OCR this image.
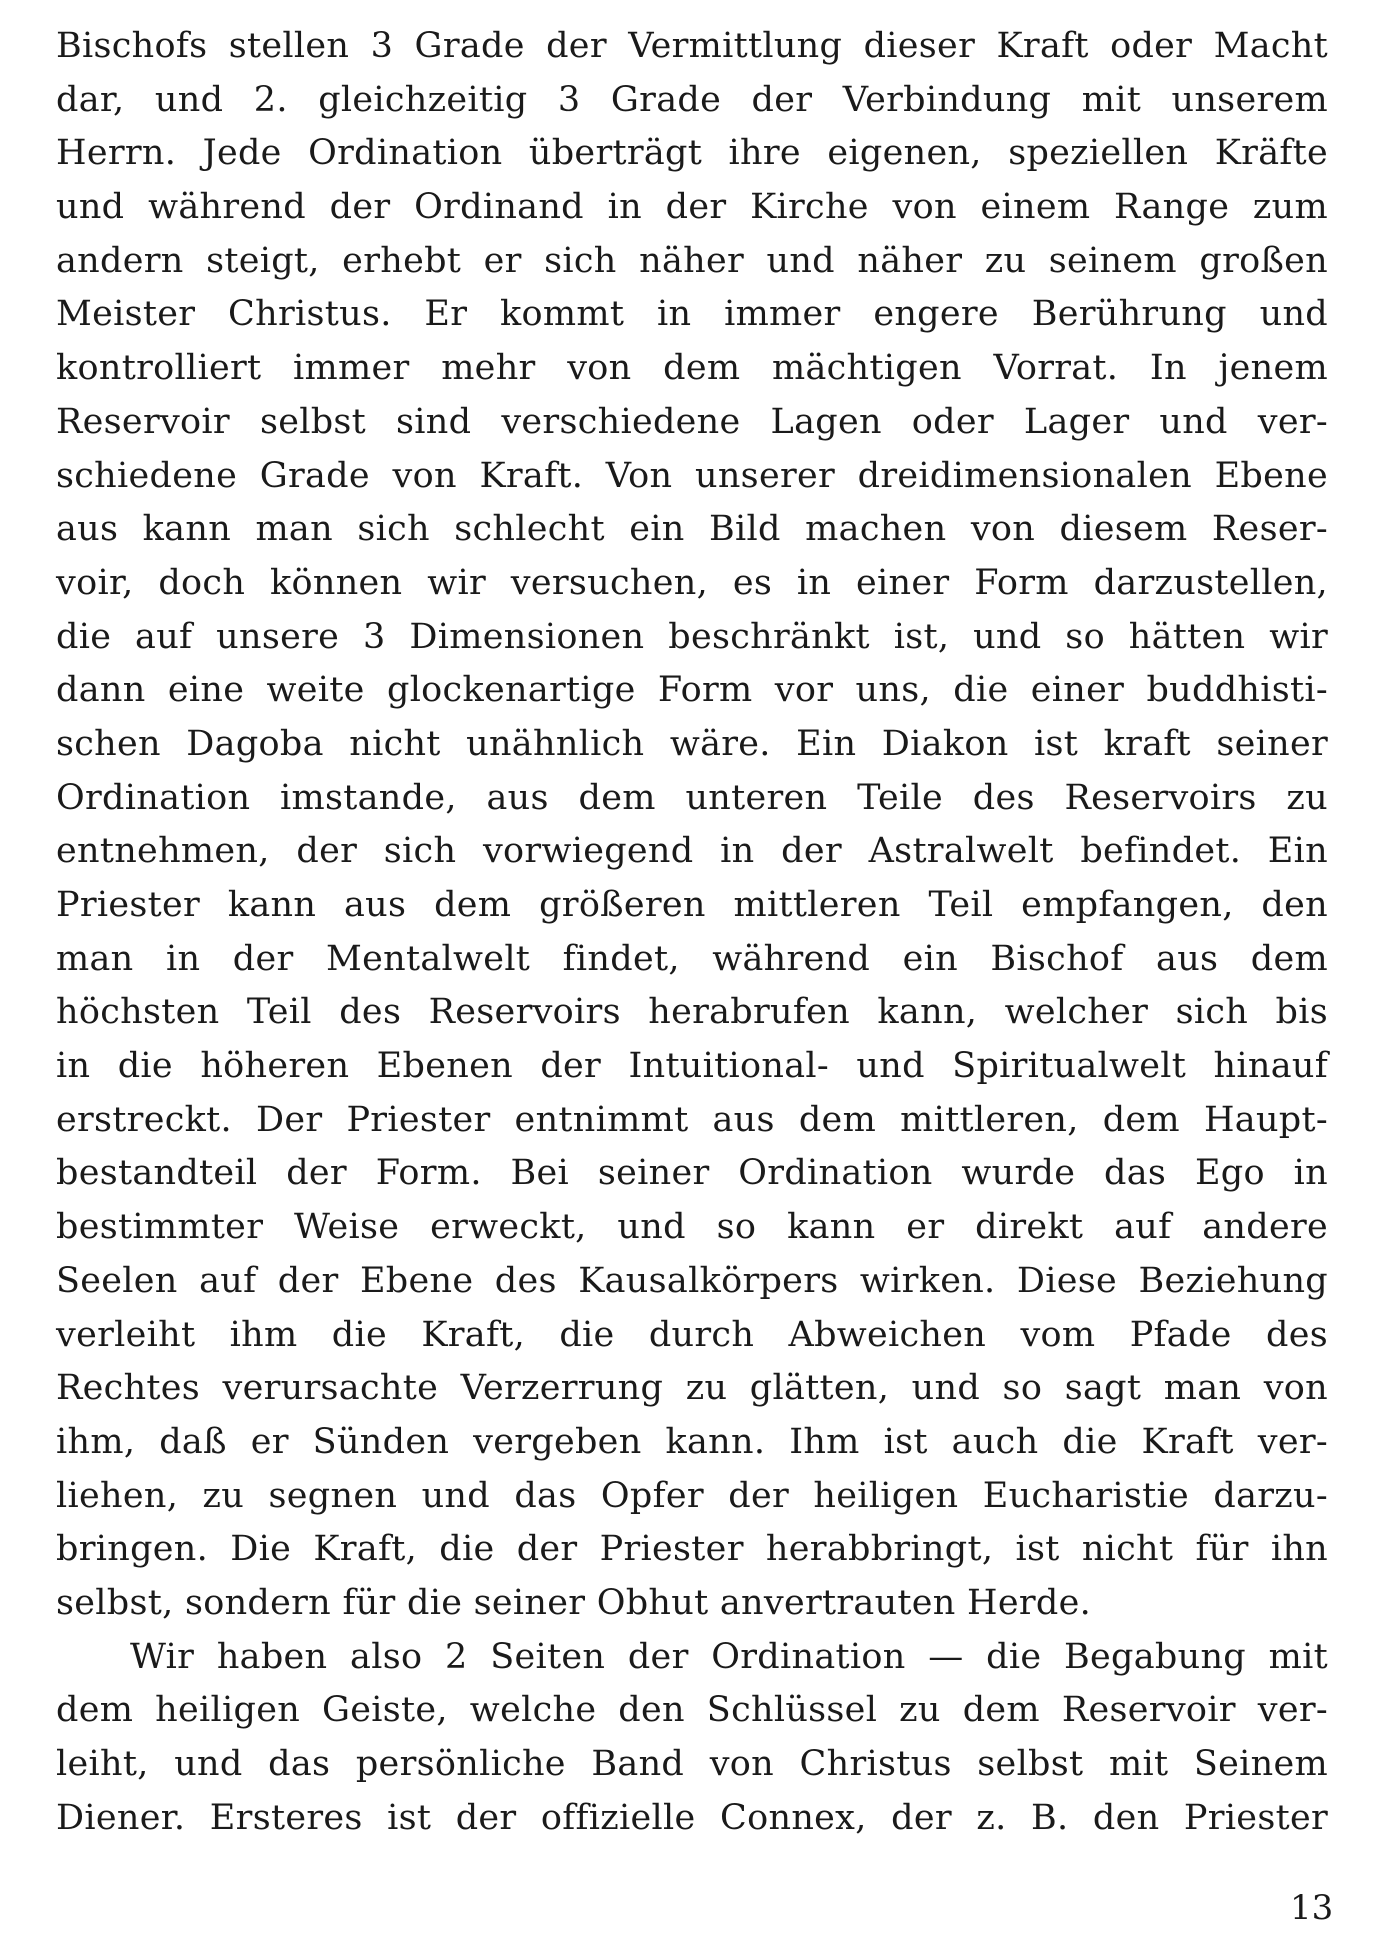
Bischofs stellen 3 Grade der Vermittlung dieser Kraft oder Macht
dar, und 2. gleichzeitig 3 Grade der Verbindung mit unserem
Herrn. Jede Ordination überträgt ihre eigenen, speziellen Kräfte
und während der Ordinand in der Kirche von einem Range zum
andern steigt, erhebt er sich näher und näher zu seinem großen
Meister Christus. Er kommt in immer engere Berührung und
kontrolliert immer mehr von dem mächtigen Vorrat. In jenem
Reservoir selbst sind verschiedene Lagen oder Lager und ver-
schiedene Grade von Kraft. Von unserer dreidimensionalen Ebene
aus kann man sich schlecht ein Bild machen von diesem Reser-
voir, doch können wir versuchen, es in einer Form darzustellen,
die auf unsere 3 Dimensionen beschränkt ist, und so hätten wir
dann eine weite glockenartige Form vor uns, die einer buddhisti-
schen Dagoba nicht unähnlich wäre. Ein Diakon ist kraft seiner
Ordination imstande, aus dem unteren Teile des Reservoirs zu
entnehmen, der sich vorwiegend in der Astralwelt befindet. Ein
Priester kann aus dem größeren mittleren Teil empfangen, den
man in der Mentalwelt findet, während ein Bischof aus dem
höchsten Teil des Reservoirs herabrufen kann, welcher sich bis
in die höheren Ebenen der Intuitional- und Spiritualwelt hinauf
erstreckt. Der Priester entnimmt aus dem mittleren, dem Haupt-
bestandteil der Form. Bei seiner Ordination wurde das Ego in
bestimmter Weise erweckt, und so kann er direkt auf andere
Seelen auf der Ebene des Kausalkörpers wirken. Diese Beziehung
verleiht ihm die Kraft, die durch Abweichen vom Pfade des
Rechtes verursachte Verzerrung zu glätten, und so sagt man von
ihm, daß er Sünden vergeben kann. Ihm ist auch die Kraft ver-
liehen, zu segnen und das Opfer der heiligen Eucharistie darzu-
bringen. Die Kraft, die der Priester herabbringt, ist nicht für ihn
selbst, sondern für die seiner Obhut anvertrauten Herde.
Wir haben also 2 Seiten der Ordination — die Begabung mit
dem heiligen Geiste, welche den Schlüssel zu dem Reservoir ver-
leiht, und das persönliche Band von Christus selbst mit Seinem
Diener. Ersteres ist der offizielle Connex, der z. B. den Priester
13
